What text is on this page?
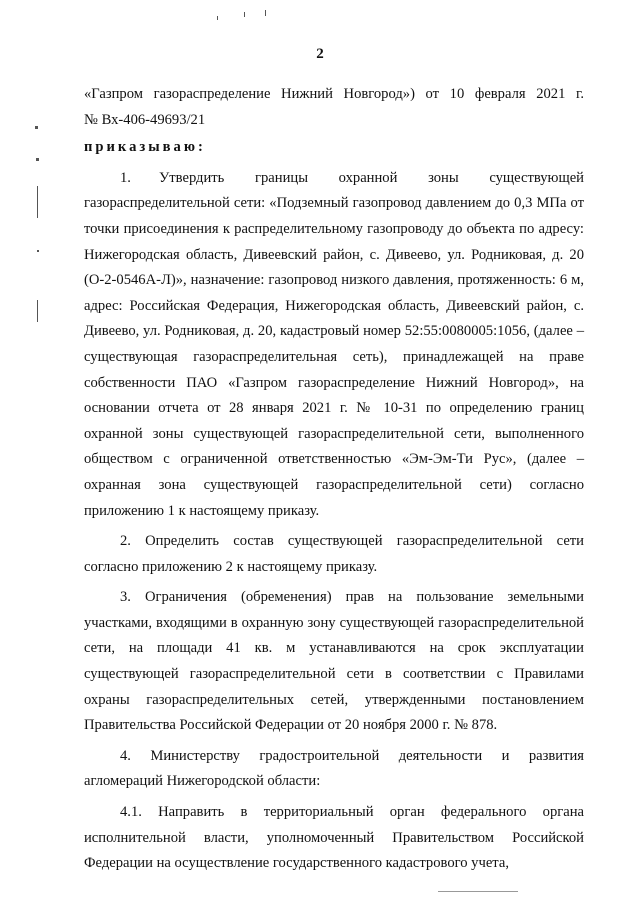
2

«Газпром газораспределение Нижний Новгород») от 10 февраля 2021 г.

№ Вх-406-49693/21

приказываю:

1. Утвердить границы охранной зоны существующей газораспределительной сети: «Подземный газопровод давлением до 0,3 МПа от точки присоединения к распределительному газопроводу до объекта по адресу: Нижегородская область, Дивеевский район, с. Дивеево, ул. Родниковая, д. 20 (О-2-0546А-Л)», назначение: газопровод низкого давления, протяженность: 6 м, адрес: Российская Федерация, Нижегородская область, Дивеевский район, с. Дивеево, ул. Родниковая, д. 20, кадастровый номер 52:55:0080005:1056, (далее – существующая газораспределительная сеть), принадлежащей на праве собственности ПАО «Газпром газораспределение Нижний Новгород», на основании отчета от 28 января 2021 г. № 10-31 по определению границ охранной зоны существующей газораспределительной сети, выполненного обществом с ограниченной ответственностью «Эм-Эм-Ти Рус», (далее – охранная зона существующей газораспределительной сети) согласно приложению 1 к настоящему приказу.

2. Определить состав существующей газораспределительной сети согласно приложению 2 к настоящему приказу.

3. Ограничения (обременения) прав на пользование земельными участками, входящими в охранную зону существующей газораспределительной сети, на площади 41 кв. м устанавливаются на срок эксплуатации существующей газораспределительной сети в соответствии с Правилами охраны газораспределительных сетей, утвержденными постановлением Правительства Российской Федерации от 20 ноября 2000 г. № 878.

4. Министерству градостроительной деятельности и развития агломераций Нижегородской области:

4.1. Направить в территориальный орган федерального органа исполнительной власти, уполномоченный Правительством Российской Федерации на осуществление государственного кадастрового учета,
